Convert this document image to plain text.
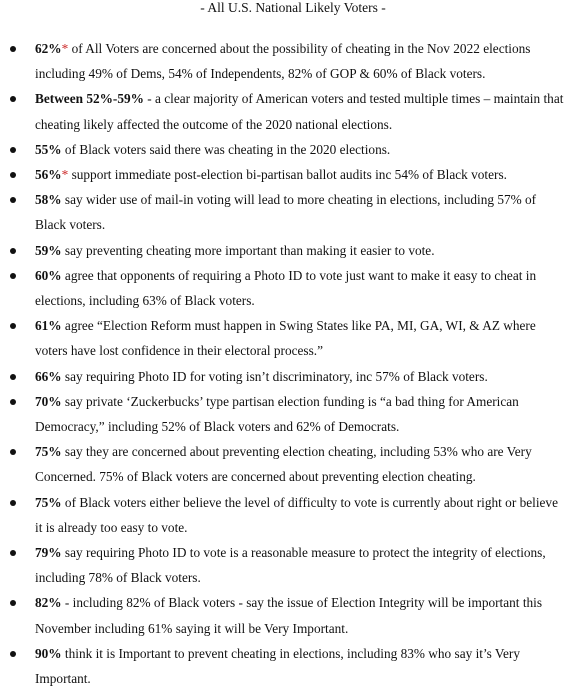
- All U.S. National Likely Voters -
62%* of All Voters are concerned about the possibility of cheating in the Nov 2022 elections including 49% of Dems, 54% of Independents, 82% of GOP & 60% of Black voters.
Between 52%-59% - a clear majority of American voters and tested multiple times – maintain that cheating likely affected the outcome of the 2020 national elections.
55% of Black voters said there was cheating in the 2020 elections.
56%* support immediate post-election bi-partisan ballot audits inc 54% of Black voters.
58% say wider use of mail-in voting will lead to more cheating in elections, including 57% of Black voters.
59% say preventing cheating more important than making it easier to vote.
60% agree that opponents of requiring a Photo ID to vote just want to make it easy to cheat in elections, including 63% of Black voters.
61% agree “Election Reform must happen in Swing States like PA, MI, GA, WI, & AZ where voters have lost confidence in their electoral process.”
66% say requiring Photo ID for voting isn’t discriminatory, inc 57% of Black voters.
70% say private ‘Zuckerbucks’ type partisan election funding is “a bad thing for American Democracy,” including 52% of Black voters and 62% of Democrats.
75% say they are concerned about preventing election cheating, including 53% who are Very Concerned. 75% of Black voters are concerned about preventing election cheating.
75% of Black voters either believe the level of difficulty to vote is currently about right or believe it is already too easy to vote.
79% say requiring Photo ID to vote is a reasonable measure to protect the integrity of elections, including 78% of Black voters.
82% - including 82% of Black voters - say the issue of Election Integrity will be important this November including 61% saying it will be Very Important.
90% think it is Important to prevent cheating in elections, including 83% who say it’s Very Important.
